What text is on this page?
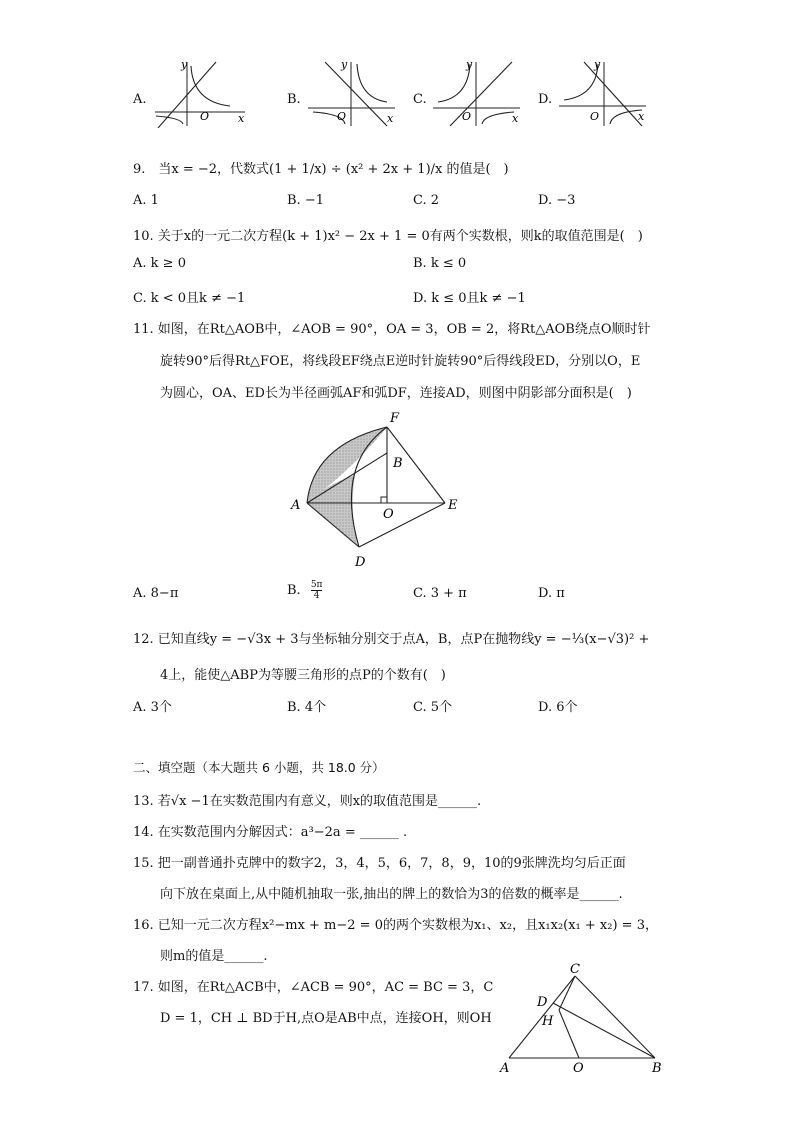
A.
y
x
O
B.
y
x
O
C.
y
x
O
D.
y
x
O
9.　当x = −2，代数式(1 + 1/x) ÷ (x² + 2x + 1)/x 的值是(　)
A. 1	B. −1	C. 2	D. −3
10. 关于x的一元二次方程(k + 1)x² − 2x + 1 = 0有两个实数根，则k的取值范围是(　)
A. k ≥ 0	B. k ≤ 0
C. k < 0且k ≠ −1	D. k ≤ 0且k ≠ −1
11. 如图，在Rt△AOB中，∠AOB = 90°，OA = 3，OB = 2，将Rt△AOB绕点O顺时针
旋转90°后得Rt△FOE，将线段EF绕点E逆时针旋转90°后得线段ED，分别以O，E
为圆心，OA、ED长为半径画弧AF和弧DF，连接AD，则图中阴影部分面积是(　)
F
B
A
O
E
D
A. 8−π	B. $\frac{5\pi}{4}$	C. 3 + π	D. π
12. 已知直线y = −√3x + 3与坐标轴分别交于点A，B，点P在抛物线y = −⅓(x−√3)² +
4上，能使△ABP为等腰三角形的点P的个数有(　)
A. 3个	B. 4个	C. 5个	D. 6个
二、填空题（本大题共 6 小题，共 18.0 分）
13. 若√x −1在实数范围内有意义，则x的取值范围是______.
14. 在实数范围内分解因式：a³−2a = ______ .
15. 把一副普通扑克牌中的数字2，3，4，5，6，7，8，9，10的9张牌洗均匀后正面
向下放在桌面上,从中随机抽取一张,抽出的牌上的数恰为3的倍数的概率是______.
16. 已知一元二次方程x²−mx + m−2 = 0的两个实数根为x₁、x₂，且x₁x₂(x₁ + x₂) = 3，
则m的值是______.
17. 如图，在Rt△ACB中，∠ACB = 90°，AC = BC = 3，C
D = 1，CH ⊥ BD于H,点O是AB中点，连接OH，则OH
C
D
H
A	O	B
